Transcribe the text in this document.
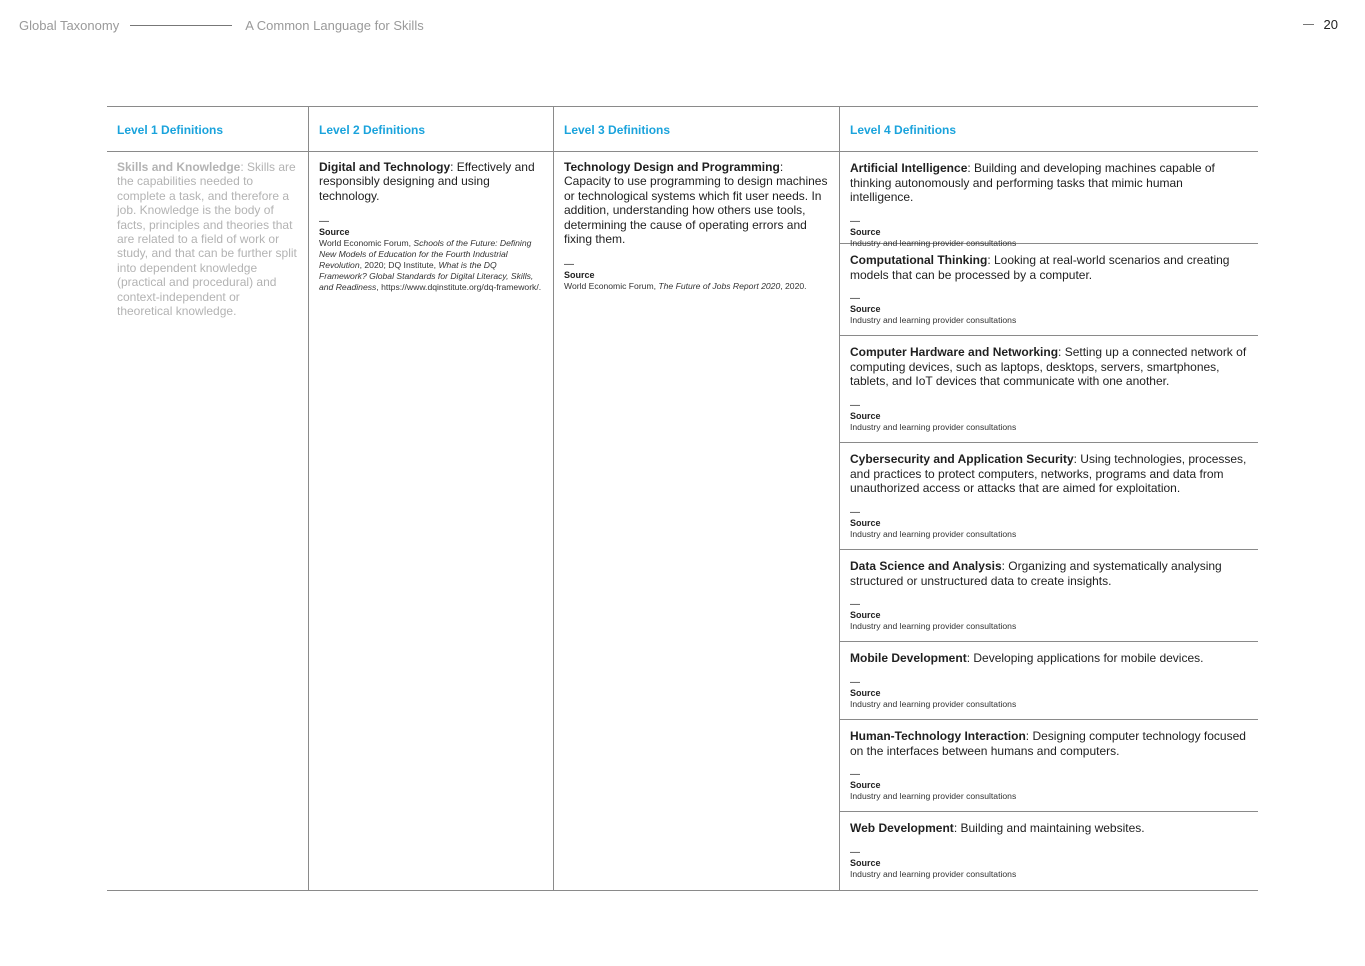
Global Taxonomy	A Common Language for Skills	20
Level 1 Definitions
Skills and Knowledge: Skills are the capabilities needed to complete a task, and therefore a job. Knowledge is the body of facts, principles and theories that are related to a field of work or study, and that can be further split into dependent knowledge (practical and procedural) and context-independent or theoretical knowledge.
Level 2 Definitions
Digital and Technology: Effectively and responsibly designing and using technology.
—
Source
World Economic Forum, Schools of the Future: Defining New Models of Education for the Fourth Industrial Revolution, 2020; DQ Institute, What is the DQ Framework? Global Standards for Digital Literacy, Skills, and Readiness, https://www.dqinstitute.org/dq-framework/.
Level 3 Definitions
Technology Design and Programming: Capacity to use programming to design machines or technological systems which fit user needs. In addition, understanding how others use tools, determining the cause of operating errors and fixing them.
—
Source
World Economic Forum, The Future of Jobs Report 2020, 2020.
Level 4 Definitions
Artificial Intelligence: Building and developing machines capable of thinking autonomously and performing tasks that mimic human intelligence.
—
Source
Industry and learning provider consultations
Computational Thinking: Looking at real-world scenarios and creating models that can be processed by a computer.
—
Source
Industry and learning provider consultations
Computer Hardware and Networking: Setting up a connected network of computing devices, such as laptops, desktops, servers, smartphones, tablets, and IoT devices that communicate with one another.
—
Source
Industry and learning provider consultations
Cybersecurity and Application Security: Using technologies, processes, and practices to protect computers, networks, programs and data from unauthorized access or attacks that are aimed for exploitation.
—
Source
Industry and learning provider consultations
Data Science and Analysis: Organizing and systematically analysing structured or unstructured data to create insights.
—
Source
Industry and learning provider consultations
Mobile Development: Developing applications for mobile devices.
—
Source
Industry and learning provider consultations
Human-Technology Interaction: Designing computer technology focused on the interfaces between humans and computers.
—
Source
Industry and learning provider consultations
Web Development: Building and maintaining websites.
—
Source
Industry and learning provider consultations
